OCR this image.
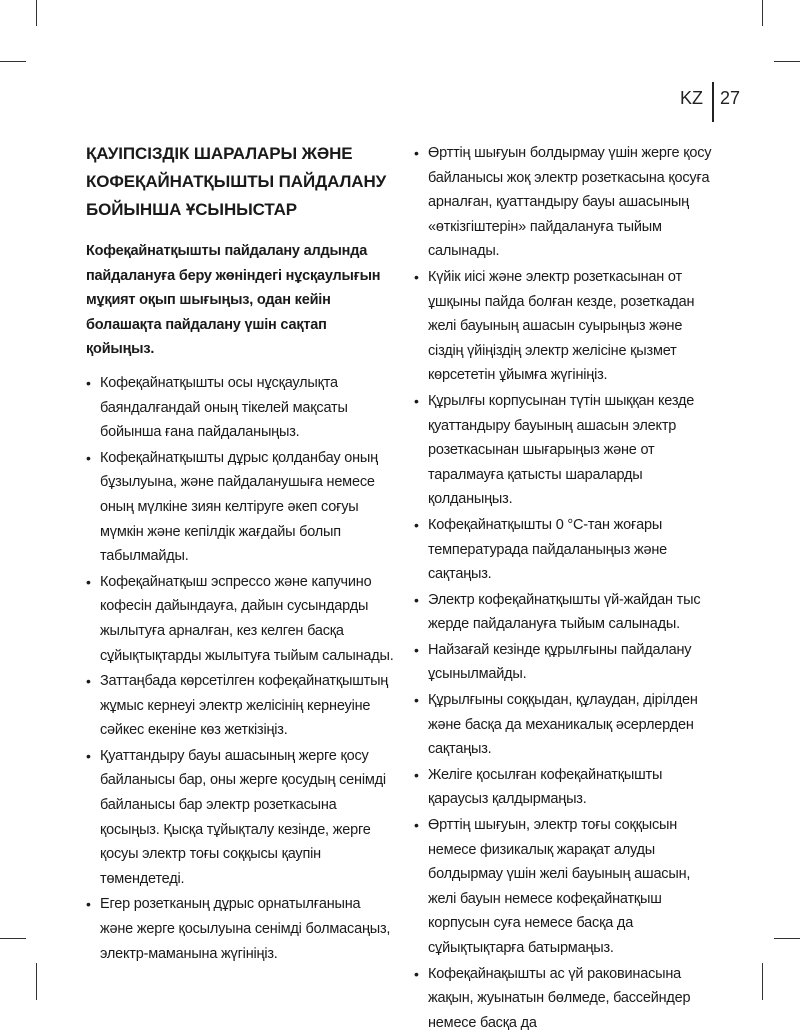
KZ 27
ҚАУІПСІЗДІК ШАРАЛАРЫ ЖӘНЕ КОФЕҚАЙНАТҚЫШТЫ ПАЙДАЛАНУ БОЙЫНША ҰСЫНЫСТАР

Кофеқайнатқышты пайдалану алдында пайдалануға беру жөніндегі нұсқаулығын мұқият оқып шығыңыз, одан кейін болашақта пайдалану үшін сақтап қойыңыз.

• Кофеқайнатқышты осы нұсқаулықта баяндалғандай оның тікелей мақсаты бойынша ғана пайдаланыңыз.
• Кофеқайнатқышты дұрыс қолданбау оның бұзылуына, және пайдаланушыға немесе оның мүлкіне зиян келтіруге әкеп соғуы мүмкін және кепілдік жағдайы болып табылмайды.
• Кофеқайнатқыш эспрессо және капучино кофесін дайындауға, дайын сусындарды жылытуға арналған, кез келген басқа сұйықтықтарды жылытуға тыйым салынады.
• Заттаңбада көрсетілген кофеқайнатқыштың жұмыс кернеуі электр желісінің кернеуіне сәйкес екеніне көз жеткізіңіз.
• Қуаттандыру бауы ашасының жерге қосу байланысы бар, оны жерге қосудың сенімді байланысы бар электр розеткасына қосыңыз. Қысқа тұйықталу кезінде, жерге қосуы электр тоғы соққысы қаупін төмендетеді.
• Егер розетканың дұрыс орнатылғанына және жерге қосылуына сенімді болмасаңыз, электр-маманына жүгініңіз.
• Өрттің шығуын болдырмау үшін жерге қосу байланысы жоқ электр розеткасына қосуға арналған, қуаттандыру бауы ашасының «өткізгіштерін» пайдалануға тыйым салынады.
• Күйік иісі және электр розеткасынан от ұшқыны пайда болған кезде, розеткадан желі бауының ашасын суырыңыз және сіздің үйіңіздің электр желісіне қызмет көрсететін ұйымға жүгініңіз.
• Құрылғы корпусынан түтін шыққан кезде қуаттандыру бауының ашасын электр розеткасынан шығарыңыз және от таралмауға қатысты шараларды қолданыңыз.
• Кофеқайнатқышты 0 °С-тан жоғары температурада пайдаланыңыз және сақтаңыз.
• Электр кофеқайнатқышты үй-жайдан тыс жерде пайдалануға тыйым салынады.
• Найзағай кезінде құрылғыны пайдалану ұсынылмайды.
• Құрылғыны соққыдан, құлаудан, дірілден және басқа да механикалық әсерлерден сақтаңыз.
• Желіге қосылған кофеқайнатқышты қараусыз қалдырмаңыз.
• Өрттің шығуын, электр тоғы соққысын немесе физикалық жарақат алуды болдырмау үшін желі бауының ашасын, желі бауын немесе кофеқайнатқыш корпусын суға немесе басқа да сұйықтықтарға батырмаңыз.
• Кофеқайнақышты ас үй раковинасына жақын, жуынатын бөлмеде, бассейндер немесе басқа да
